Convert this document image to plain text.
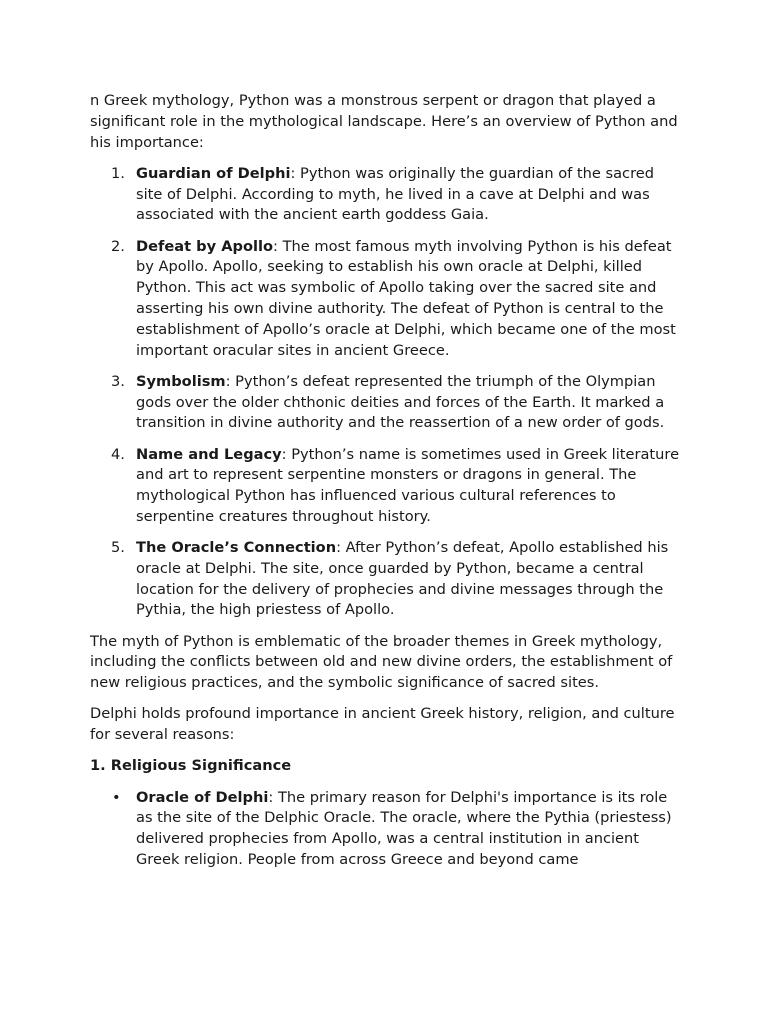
n Greek mythology, Python was a monstrous serpent or dragon that played a significant role in the mythological landscape. Here’s an overview of Python and his importance:

1. Guardian of Delphi: Python was originally the guardian of the sacred site of Delphi. According to myth, he lived in a cave at Delphi and was associated with the ancient earth goddess Gaia.
2. Defeat by Apollo: The most famous myth involving Python is his defeat by Apollo. Apollo, seeking to establish his own oracle at Delphi, killed Python. This act was symbolic of Apollo taking over the sacred site and asserting his own divine authority. The defeat of Python is central to the establishment of Apollo’s oracle at Delphi, which became one of the most important oracular sites in ancient Greece.
3. Symbolism: Python’s defeat represented the triumph of the Olympian gods over the older chthonic deities and forces of the Earth. It marked a transition in divine authority and the reassertion of a new order of gods.
4. Name and Legacy: Python’s name is sometimes used in Greek literature and art to represent serpentine monsters or dragons in general. The mythological Python has influenced various cultural references to serpentine creatures throughout history.
5. The Oracle’s Connection: After Python’s defeat, Apollo established his oracle at Delphi. The site, once guarded by Python, became a central location for the delivery of prophecies and divine messages through the Pythia, the high priestess of Apollo.

The myth of Python is emblematic of the broader themes in Greek mythology, including the conflicts between old and new divine orders, the establishment of new religious practices, and the symbolic significance of sacred sites.

Delphi holds profound importance in ancient Greek history, religion, and culture for several reasons:

1. Religious Significance
• Oracle of Delphi: The primary reason for Delphi's importance is its role as the site of the Delphic Oracle. The oracle, where the Pythia (priestess) delivered prophecies from Apollo, was a central institution in ancient Greek religion. People from across Greece and beyond came
